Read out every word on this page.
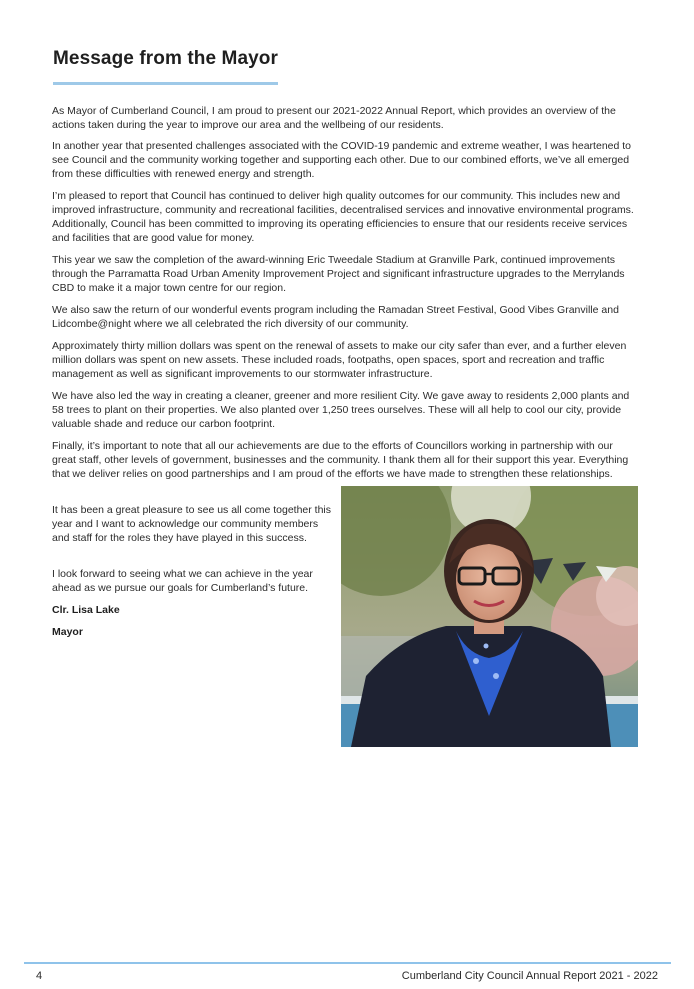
Message from the Mayor

As Mayor of Cumberland Council, I am proud to present our 2021-2022 Annual Report, which provides an overview of the actions taken during the year to improve our area and the wellbeing of our residents.

In another year that presented challenges associated with the COVID-19 pandemic and extreme weather, I was heartened to see Council and the community working together and supporting each other. Due to our combined efforts, we’ve all emerged from these difficulties with renewed energy and strength.

I’m pleased to report that Council has continued to deliver high quality outcomes for our community. This includes new and improved infrastructure, community and recreational facilities, decentralised services and innovative environmental programs. Additionally, Council has been committed to improving its operating efficiencies to ensure that our residents receive services and facilities that are good value for money.

This year we saw the completion of the award-winning Eric Tweedale Stadium at Granville Park, continued improvements through the Parramatta Road Urban Amenity Improvement Project and significant infrastructure upgrades to the Merrylands CBD to make it a major town centre for our region.

We also saw the return of our wonderful events program including the Ramadan Street Festival, Good Vibes Granville and Lidcombe@night where we all celebrated the rich diversity of our community.

Approximately thirty million dollars was spent on the renewal of assets to make our city safer than ever, and a further eleven million dollars was spent on new assets. These included roads, footpaths, open spaces, sport and recreation and traffic management as well as significant improvements to our stormwater infrastructure.

We have also led the way in creating a cleaner, greener and more resilient City. We gave away to residents 2,000 plants and 58 trees to plant on their properties. We also planted over 1,250 trees ourselves. These will all help to cool our city, provide valuable shade and reduce our carbon footprint.

Finally, it’s important to note that all our achievements are due to the efforts of Councillors working in partnership with our great staff, other levels of government, businesses and the community. I thank them all for their support this year. Everything that we deliver relies on good partnerships and I am proud of the efforts we have made to strengthen these relationships.

It has been a great pleasure to see us all come together this year and I want to acknowledge our community members and staff for the roles they have played in this success.

I look forward to seeing what we can achieve in the year ahead as we pursue our goals for Cumberland’s future.

Clr. Lisa Lake

Mayor

4	Cumberland City Council Annual Report 2021 - 2022
